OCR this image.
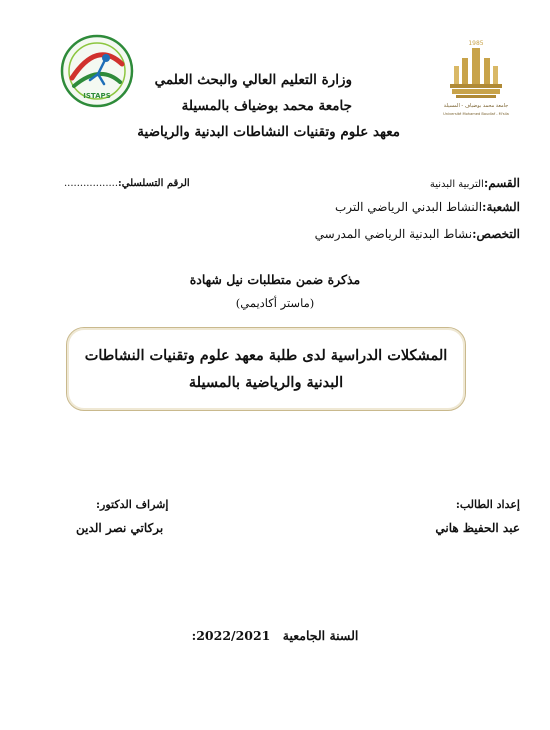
ISTAPS
1985
جامعة محمد بوضياف - المسيلة
Université Mohamed Boudiaf - M'sila
وزارة التعليم العالي والبحث العلمي
جامعة محمد بوضياف بالمسيلة
معهد علوم وتقنيات النشاطات البدنية والرياضية
القسم:التربية البدنية
الرقم التسلسلي:.................
الشعبة:النشاط البدني الرياضي الترب
التخصص:نشاط البدنية الرياضي المدرسي
مذكرة ضمن متطلبات نيل شهادة
(ماستر أكاديمي)
المشكلات الدراسية لدى طلبة معهد علوم وتقنيات النشاطات
البدنية والرياضية بالمسيلة
إعداد الطالب:
عبد الحفيظ هاني
إشراف الدكتور:
بركاتي نصر الدين
السنة الجامعية 2022/2021:
